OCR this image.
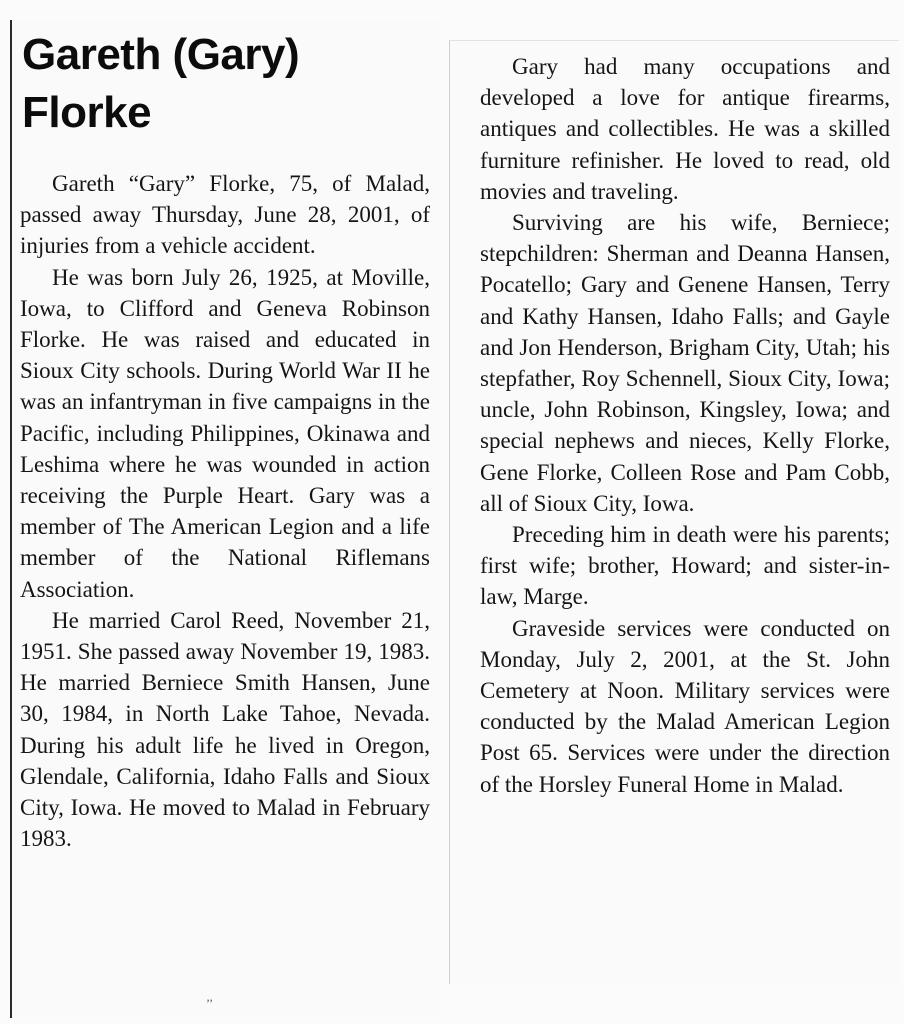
Gareth (Gary) Florke

Gareth “Gary” Florke, 75, of Malad, passed away Thursday, June 28, 2001, of injuries from a vehicle accident.

He was born July 26, 1925, at Moville, Iowa, to Clifford and Geneva Robinson Florke. He was raised and educated in Sioux City schools. During World War II he was an infantryman in five campaigns in the Pacific, including Philippines, Okinawa and Leshima where he was wounded in action receiving the Purple Heart. Gary was a member of The American Legion and a life member of the National Riflemans Association.

He married Carol Reed, November 21, 1951. She passed away November 19, 1983. He married Berniece Smith Hansen, June 30, 1984, in North Lake Tahoe, Nevada. During his adult life he lived in Oregon, Glendale, California, Idaho Falls and Sioux City, Iowa. He moved to Malad in February 1983.

Gary had many occupations and developed a love for antique firearms, antiques and collectibles. He was a skilled furniture refinisher. He loved to read, old movies and traveling.

Surviving are his wife, Berniece; stepchildren: Sherman and Deanna Hansen, Pocatello; Gary and Genene Hansen, Terry and Kathy Hansen, Idaho Falls; and Gayle and Jon Henderson, Brigham City, Utah; his stepfather, Roy Schennell, Sioux City, Iowa; uncle, John Robinson, Kingsley, Iowa; and special nephews and nieces, Kelly Florke, Gene Florke, Colleen Rose and Pam Cobb, all of Sioux City, Iowa.

Preceding him in death were his parents; first wife; brother, Howard; and sister-in-law, Marge.

Graveside services were conducted on Monday, July 2, 2001, at the St. John Cemetery at Noon. Military services were conducted by the Malad American Legion Post 65. Services were under the direction of the Horsley Funeral Home in Malad.

’’
